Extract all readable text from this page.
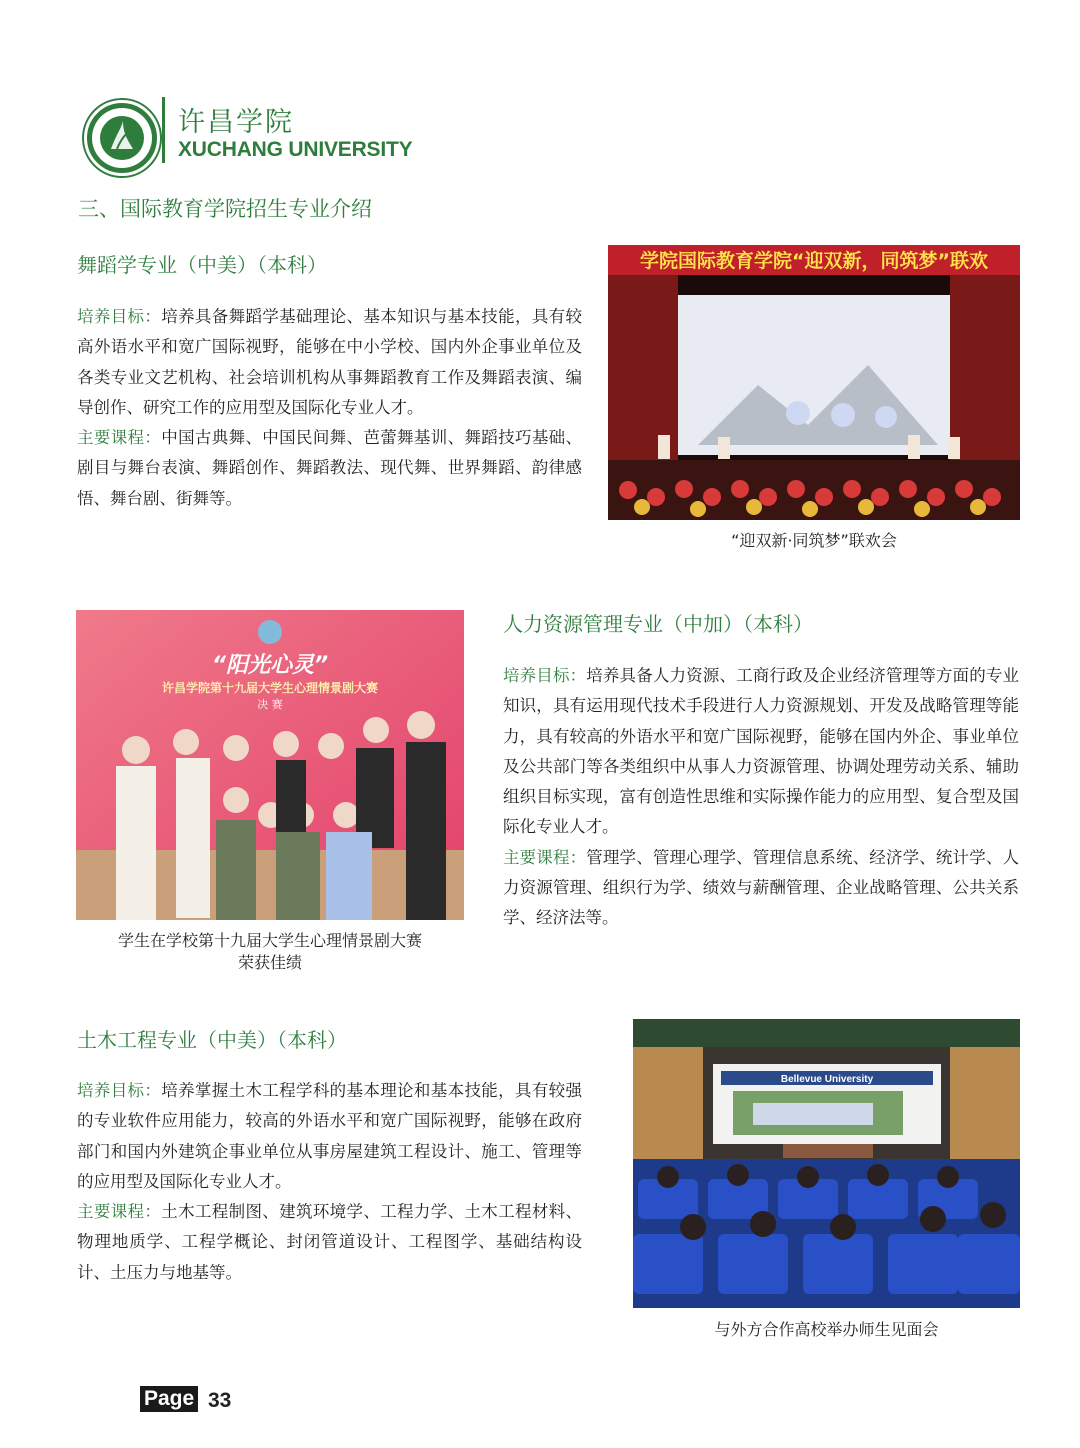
许昌学院
XUCHANG UNIVERSITY
三、国际教育学院招生专业介绍
舞蹈学专业（中美）（本科）
培养目标：培养具备舞蹈学基础理论、基本知识与基本技能，具有较高外语水平和宽广国际视野，能够在中小学校、国内外企事业单位及各类专业文艺机构、社会培训机构从事舞蹈教育工作及舞蹈表演、编导创作、研究工作的应用型及国际化专业人才。
主要课程：中国古典舞、中国民间舞、芭蕾舞基训、舞蹈技巧基础、剧目与舞台表演、舞蹈创作、舞蹈教法、现代舞、世界舞蹈、韵律感悟、舞台剧、街舞等。
学院国际教育学院“迎双新，同筑梦”联欢
“迎双新·同筑梦”联欢会
“阳光心灵”
许昌学院第十九届大学生心理情景剧大赛
决 赛
学生在学校第十九届大学生心理情景剧大赛
荣获佳绩
人力资源管理专业（中加）（本科）
培养目标：培养具备人力资源、工商行政及企业经济管理等方面的专业知识，具有运用现代技术手段进行人力资源规划、开发及战略管理等能力，具有较高的外语水平和宽广国际视野，能够在国内外企、事业单位及公共部门等各类组织中从事人力资源管理、协调处理劳动关系、辅助组织目标实现，富有创造性思维和实际操作能力的应用型、复合型及国际化专业人才。
主要课程：管理学、管理心理学、管理信息系统、经济学、统计学、人力资源管理、组织行为学、绩效与薪酬管理、企业战略管理、公共关系学、经济法等。
土木工程专业（中美）（本科）
培养目标：培养掌握土木工程学科的基本理论和基本技能，具有较强的专业软件应用能力，较高的外语水平和宽广国际视野，能够在政府部门和国内外建筑企事业单位从事房屋建筑工程设计、施工、管理等的应用型及国际化专业人才。
主要课程：土木工程制图、建筑环境学、工程力学、土木工程材料、物理地质学、工程学概论、封闭管道设计、工程图学、基础结构设计、土压力与地基等。
Bellevue University
与外方合作高校举办师生见面会
Page 33
